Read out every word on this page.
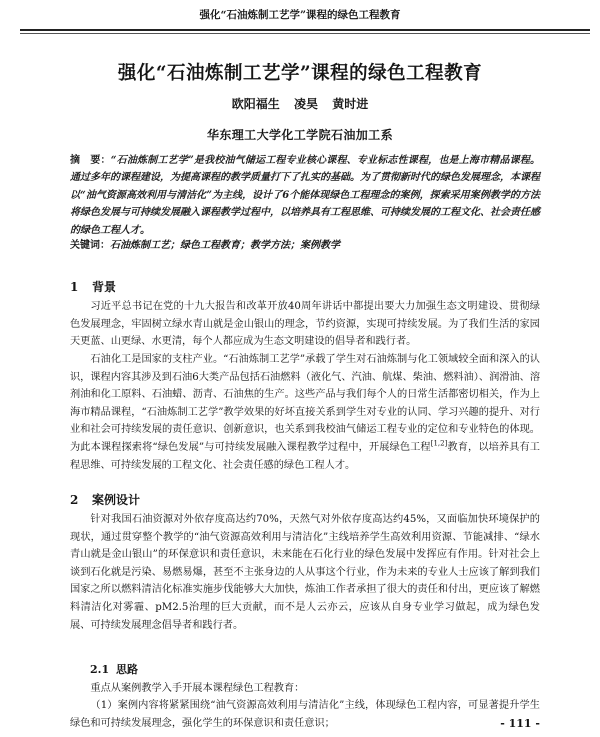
强化“石油炼制工艺学”课程的绿色工程教育
强化“石油炼制工艺学”课程的绿色工程教育
欧阳福生 凌昊 黄时进
华东理工大学化工学院石油加工系
摘　要：“石油炼制工艺学”是我校油气储运工程专业核心课程、专业标志性课程，也是上海市精品课程。通过多年的课程建设，为提高课程的教学质量打下了扎实的基础。为了贯彻新时代的绿色发展理念，本课程以“油气资源高效利用与清洁化”为主线，设计了6个能体现绿色工程理念的案例，探索采用案例教学的方法将绿色发展与可持续发展融入课程教学过程中，以培养具有工程思维、可持续发展的工程文化、社会责任感的绿色工程人才。
关键词：石油炼制工艺；绿色工程教育；教学方法；案例教学
1 背景

习近平总书记在党的十九大报告和改革开放40周年讲话中都提出要大力加强生态文明建设、贯彻绿色发展理念，牢固树立绿水青山就是金山银山的理念，节约资源，实现可持续发展。为了我们生活的家园天更蓝、山更绿、水更清，每个人都应成为生态文明建设的倡导者和践行者。

石油化工是国家的支柱产业。“石油炼制工艺学”承载了学生对石油炼制与化工领域较全面和深入的认识，课程内容其涉及到石油6大类产品包括石油燃料（液化气、汽油、航煤、柴油、燃料油）、润滑油、溶剂油和化工原料、石油蜡、沥青、石油焦的生产。这些产品与我们每个人的日常生活都密切相关，作为上海市精品课程，“石油炼制工艺学”教学效果的好坏直接关系到学生对专业的认同、学习兴趣的提升、对行业和社会可持续发展的责任意识、创新意识，也关系到我校油气储运工程专业的定位和专业特色的体现。为此本课程探索将“绿色发展”与可持续发展融入课程教学过程中，开展绿色工程[1,2]教育，以培养具有工程思维、可持续发展的工程文化、社会责任感的绿色工程人才。

2 案例设计

针对我国石油资源对外依存度高达约70%，天然气对外依存度高达约45%，又面临加快环境保护的现状，通过贯穿整个教学的“油气资源高效利用与清洁化”主线培养学生高效利用资源、节能减排、“绿水青山就是金山银山”的环保意识和责任意识，未来能在石化行业的绿色发展中发挥应有作用。针对社会上谈到石化就是污染、易燃易爆，甚至不主张身边的人从事这个行业，作为未来的专业人士应该了解到我们国家之所以燃料清洁化标准实施步伐能够大大加快，炼油工作者承担了很大的责任和付出，更应该了解燃料清洁化对雾霾、pM2.5治理的巨大贡献，而不是人云亦云，应该从自身专业学习做起，成为绿色发展、可持续发展理念倡导者和践行者。

2.1 思路

重点从案例教学入手开展本课程绿色工程教育：

（1）案例内容将紧紧围绕“油气资源高效利用与清洁化”主线，体现绿色工程内容，可显著提升学生绿色和可持续发展理念，强化学生的环保意识和责任意识；	- 111 -
